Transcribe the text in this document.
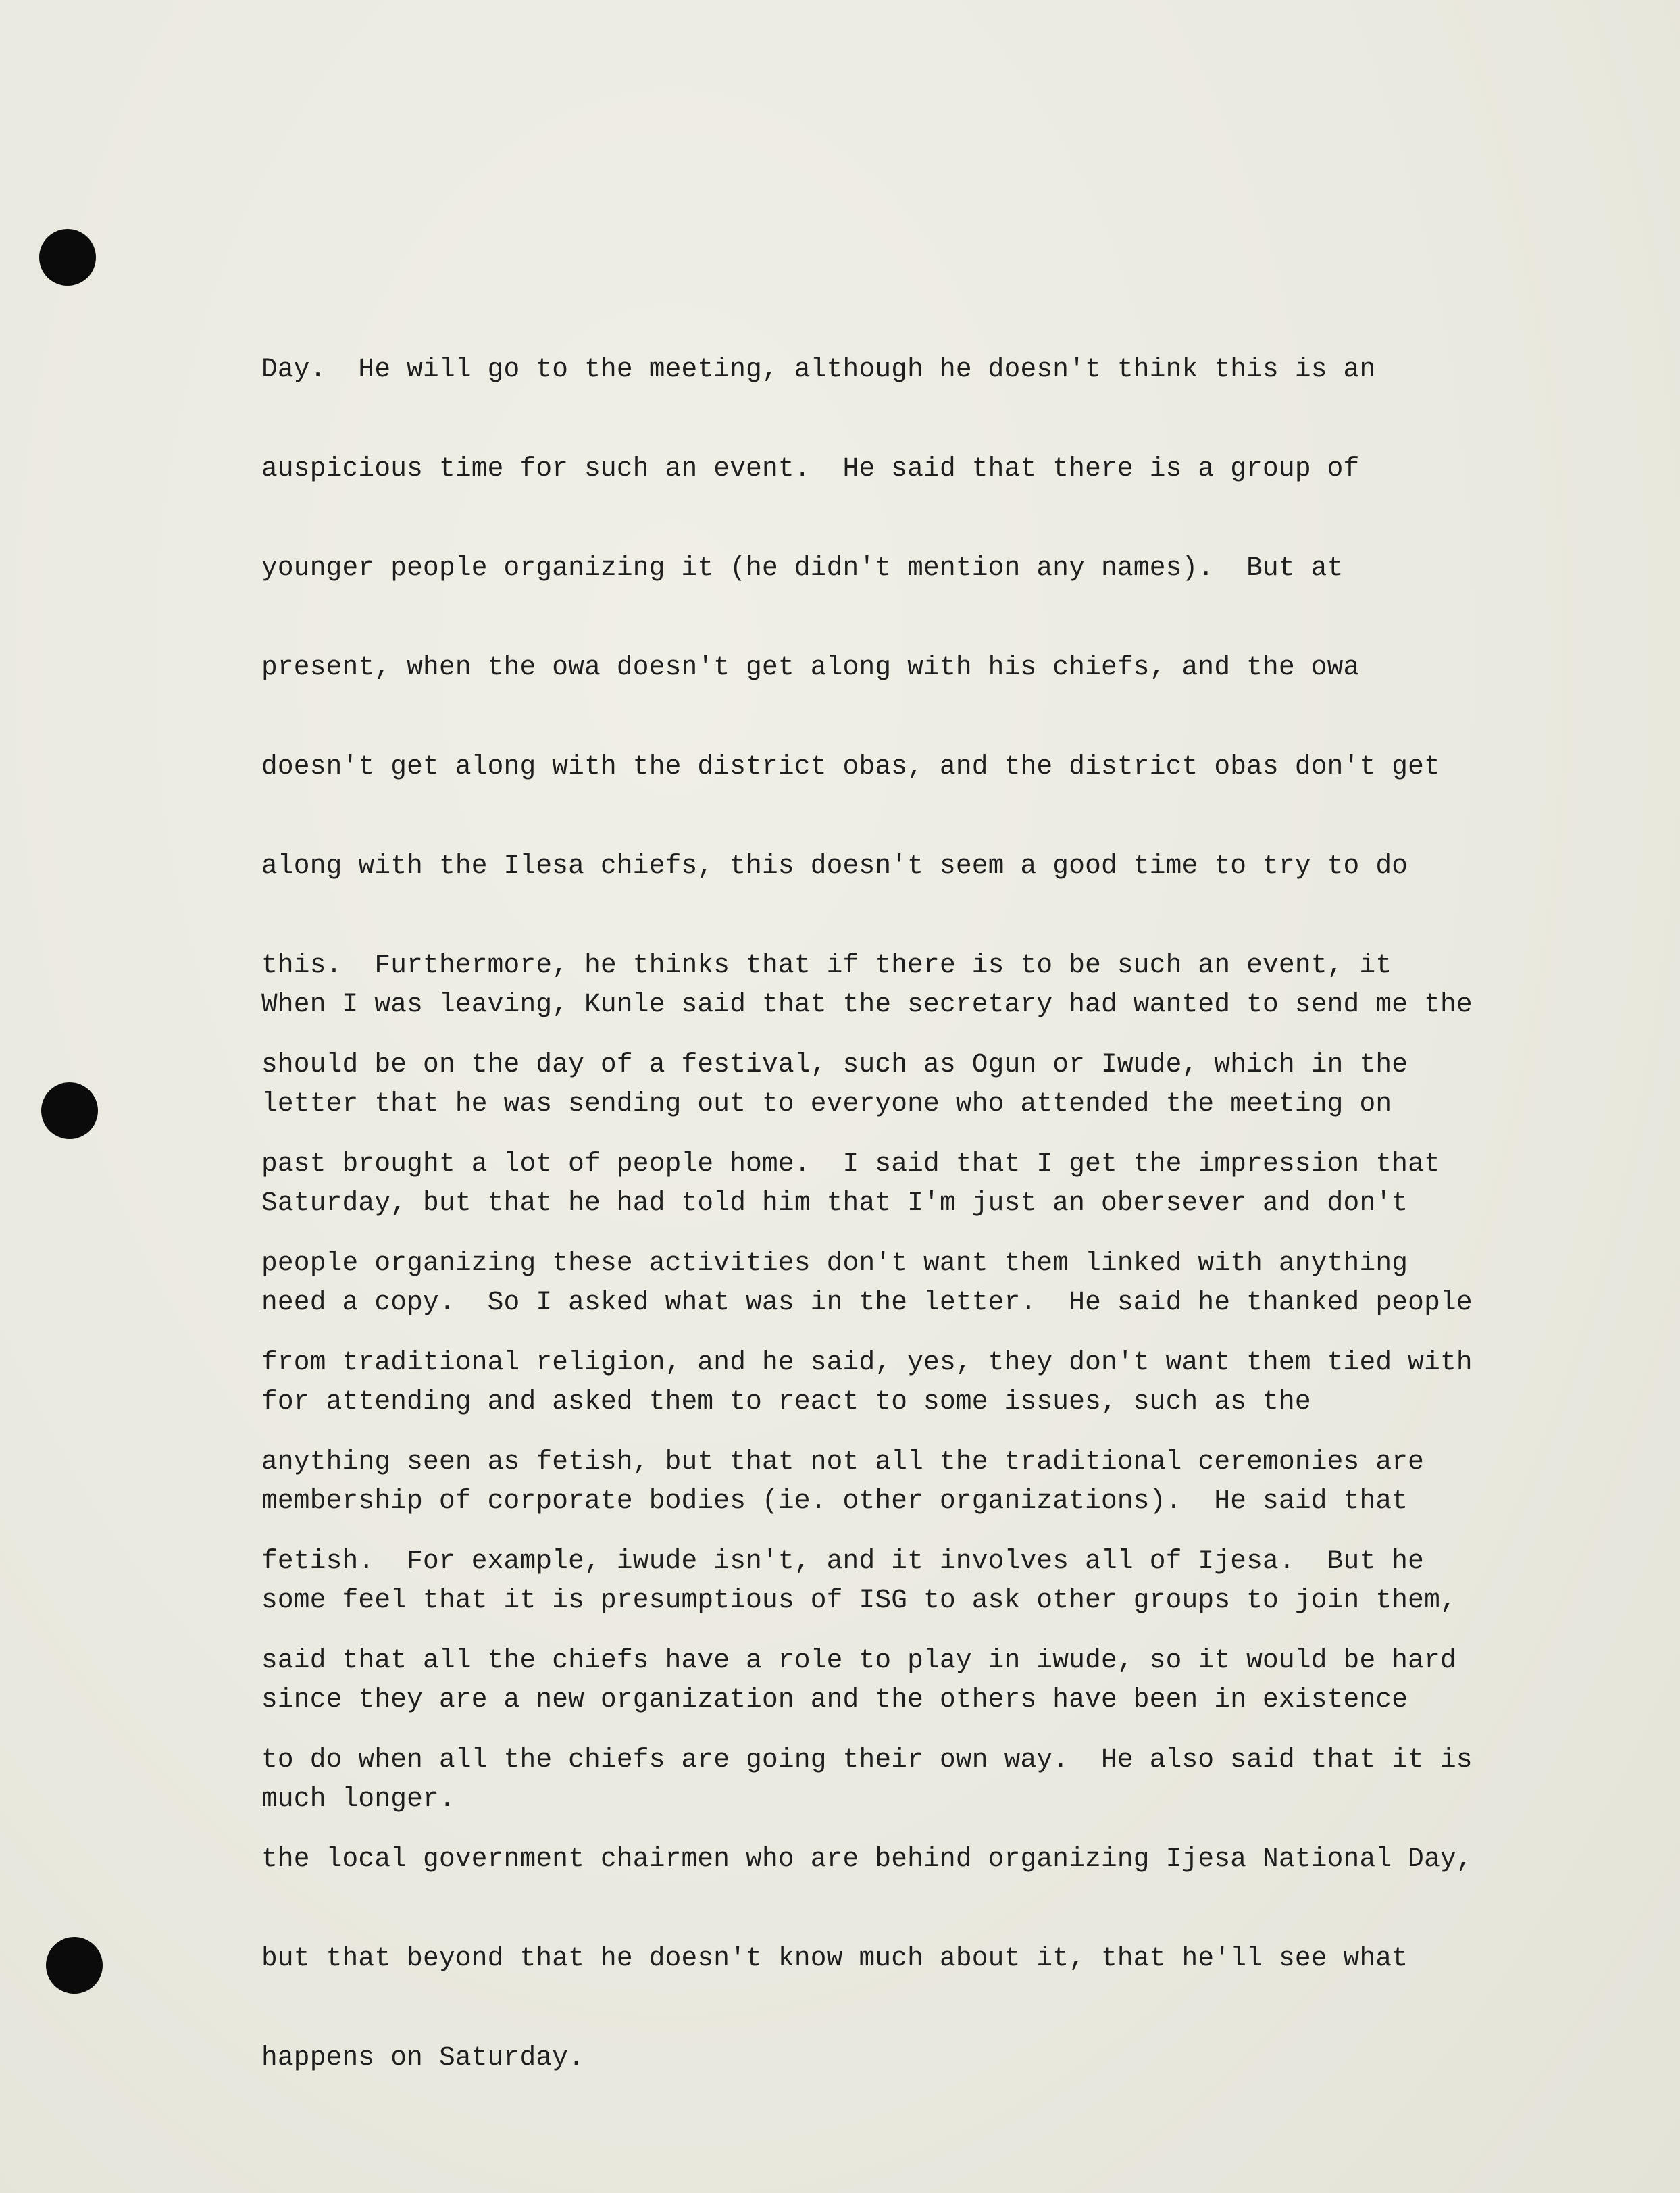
Day.  He will go to the meeting, although he doesn't think this is an

auspicious time for such an event.  He said that there is a group of

younger people organizing it (he didn't mention any names).  But at

present, when the owa doesn't get along with his chiefs, and the owa

doesn't get along with the district obas, and the district obas don't get

along with the Ilesa chiefs, this doesn't seem a good time to try to do

this.  Furthermore, he thinks that if there is to be such an event, it

should be on the day of a festival, such as Ogun or Iwude, which in the

past brought a lot of people home.  I said that I get the impression that

people organizing these activities don't want them linked with anything

from traditional religion, and he said, yes, they don't want them tied with

anything seen as fetish, but that not all the traditional ceremonies are

fetish.  For example, iwude isn't, and it involves all of Ijesa.  But he

said that all the chiefs have a role to play in iwude, so it would be hard

to do when all the chiefs are going their own way.  He also said that it is

the local government chairmen who are behind organizing Ijesa National Day,

but that beyond that he doesn't know much about it, that he'll see what

happens on Saturday.

When I was leaving, Kunle said that the secretary had wanted to send me the

letter that he was sending out to everyone who attended the meeting on

Saturday, but that he had told him that I'm just an obersever and don't

need a copy.  So I asked what was in the letter.  He said he thanked people

for attending and asked them to react to some issues, such as the

membership of corporate bodies (ie. other organizations).  He said that

some feel that it is presumptious of ISG to ask other groups to join them,

since they are a new organization and the others have been in existence

much longer.
